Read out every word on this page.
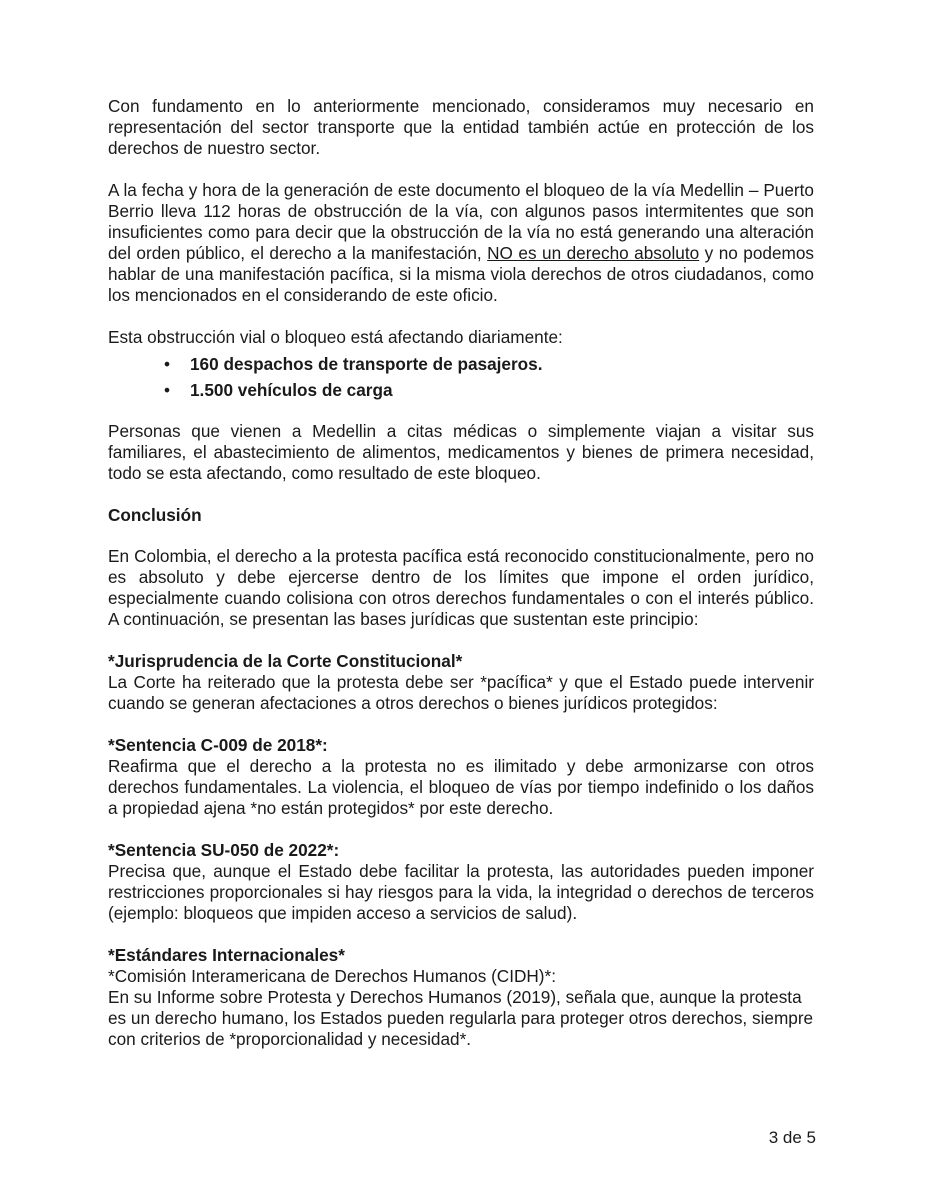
Con fundamento en lo anteriormente mencionado, consideramos muy necesario en representación del sector transporte que la entidad también actúe en protección de los derechos de nuestro sector.

A la fecha y hora de la generación de este documento el bloqueo de la vía Medellin – Puerto Berrio lleva 112 horas de obstrucción de la vía, con algunos pasos intermitentes que son insuficientes como para decir que la obstrucción de la vía no está generando una alteración del orden público, el derecho a la manifestación, NO es un derecho absoluto y no podemos hablar de una manifestación pacífica, si la misma viola derechos de otros ciudadanos, como los mencionados en el considerando de este oficio.

Esta obstrucción vial o bloqueo está afectando diariamente:

• 160 despachos de transporte de pasajeros.
• 1.500 vehículos de carga

Personas que vienen a Medellin a citas médicas o simplemente viajan a visitar sus familiares, el abastecimiento de alimentos, medicamentos y bienes de primera necesidad, todo se esta afectando, como resultado de este bloqueo.

Conclusión

En Colombia, el derecho a la protesta pacífica está reconocido constitucionalmente, pero no es absoluto y debe ejercerse dentro de los límites que impone el orden jurídico, especialmente cuando colisiona con otros derechos fundamentales o con el interés público. A continuación, se presentan las bases jurídicas que sustentan este principio:

*Jurisprudencia de la Corte Constitucional*

La Corte ha reiterado que la protesta debe ser *pacífica* y que el Estado puede intervenir cuando se generan afectaciones a otros derechos o bienes jurídicos protegidos:

*Sentencia C-009 de 2018*:

Reafirma que el derecho a la protesta no es ilimitado y debe armonizarse con otros derechos fundamentales. La violencia, el bloqueo de vías por tiempo indefinido o los daños a propiedad ajena *no están protegidos* por este derecho.

*Sentencia SU-050 de 2022*:

Precisa que, aunque el Estado debe facilitar la protesta, las autoridades pueden imponer restricciones proporcionales si hay riesgos para la vida, la integridad o derechos de terceros (ejemplo: bloqueos que impiden acceso a servicios de salud).

*Estándares Internacionales*

*Comisión Interamericana de Derechos Humanos (CIDH)*:

En su Informe sobre Protesta y Derechos Humanos (2019), señala que, aunque la protesta es un derecho humano, los Estados pueden regularla para proteger otros derechos, siempre con criterios de *proporcionalidad y necesidad*.

3 de 5
